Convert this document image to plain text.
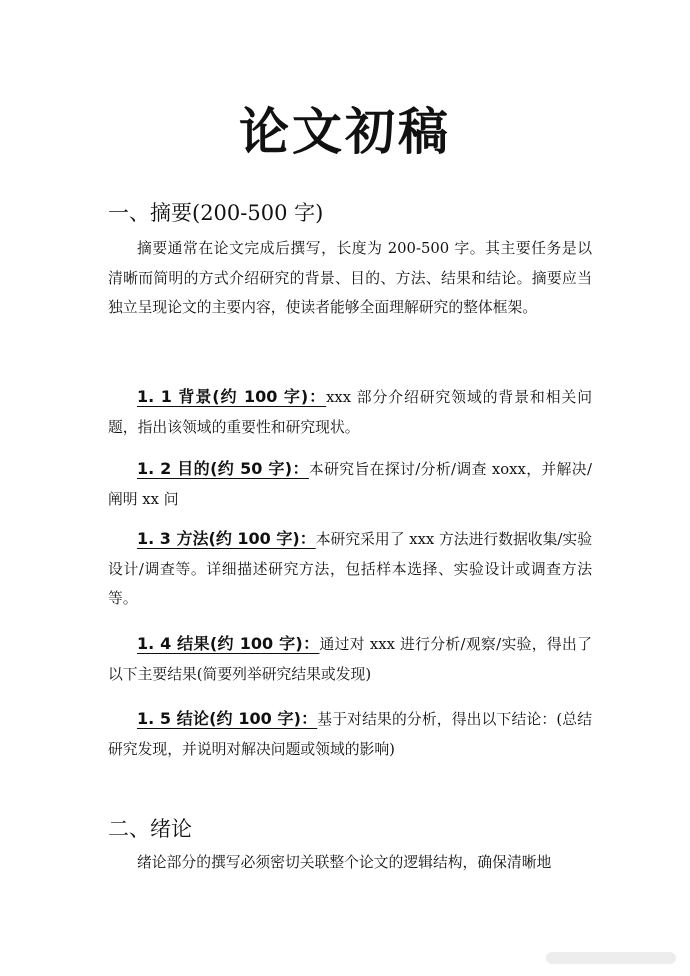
论文初稿
一、摘要(200-500 字)
摘要通常在论文完成后撰写，长度为 200-500 字。其主要任务是以清晰而简明的方式介绍研究的背景、目的、方法、结果和结论。摘要应当独立呈现论文的主要内容，使读者能够全面理解研究的整体框架。
1. 1 背景(约 100 字)：xxx 部分介绍研究领域的背景和相关问题，指出该领域的重要性和研究现状。
1. 2 目的(约 50 字)：本研究旨在探讨/分析/调查 xoxx，并解决/阐明 xx 问
1. 3 方法(约 100 字)：本研究采用了 xxx 方法进行数据收集/实验设计/调查等。详细描述研究方法，包括样本选择、实验设计或调查方法等。
1. 4 结果(约 100 字)：通过对 xxx 进行分析/观察/实验，得出了以下主要结果(简要列举研究结果或发现)
1. 5 结论(约 100 字)：基于对结果的分析，得出以下结论：(总结研究发现，并说明对解决问题或领域的影响)
二、绪论
绪论部分的撰写必须密切关联整个论文的逻辑结构，确保清晰地
